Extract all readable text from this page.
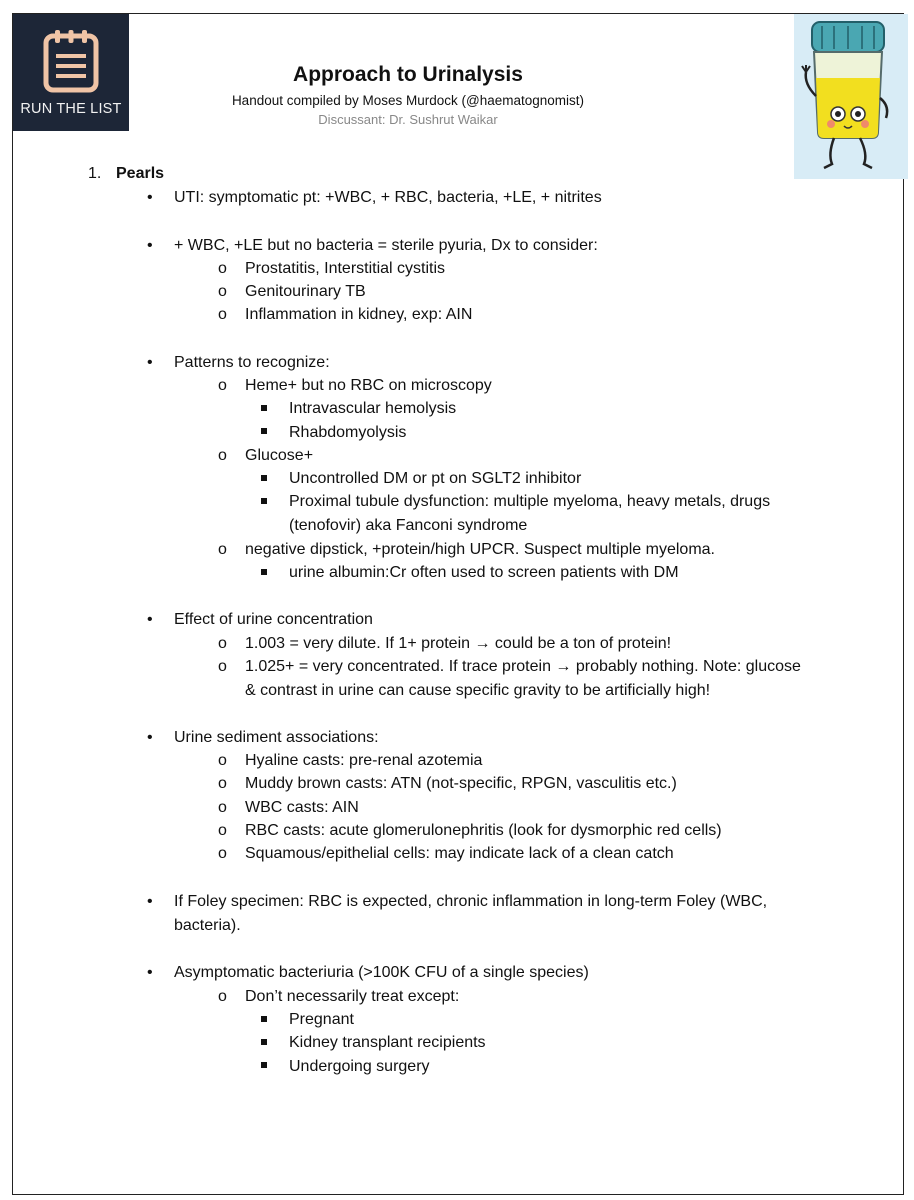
RUN THE LIST
Approach to Urinalysis
Handout compiled by Moses Murdock (@haematognomist)
Discussant: Dr. Sushrut Waikar
1. Pearls
• UTI: symptomatic pt: +WBC, + RBC, bacteria, +LE, + nitrites
• + WBC, +LE but no bacteria = sterile pyuria, Dx to consider:
o Prostatitis, Interstitial cystitis
o Genitourinary TB
o Inflammation in kidney, exp: AIN
• Patterns to recognize:
o Heme+ but no RBC on microscopy
Intravascular hemolysis
Rhabdomyolysis
o Glucose+
Uncontrolled DM or pt on SGLT2 inhibitor
Proximal tubule dysfunction: multiple myeloma, heavy metals, drugs
(tenofovir) aka Fanconi syndrome
o negative dipstick, +protein/high UPCR. Suspect multiple myeloma.
urine albumin:Cr often used to screen patients with DM
• Effect of urine concentration
o 1.003 = very dilute. If 1+ protein → could be a ton of protein!
o 1.025+ = very concentrated. If trace protein → probably nothing. Note: glucose
& contrast in urine can cause specific gravity to be artificially high!
• Urine sediment associations:
o Hyaline casts: pre-renal azotemia
o Muddy brown casts: ATN (not-specific, RPGN, vasculitis etc.)
o WBC casts: AIN
o RBC casts: acute glomerulonephritis (look for dysmorphic red cells)
o Squamous/epithelial cells: may indicate lack of a clean catch
• If Foley specimen: RBC is expected, chronic inflammation in long-term Foley (WBC,
bacteria).
• Asymptomatic bacteriuria (>100K CFU of a single species)
o Don’t necessarily treat except:
Pregnant
Kidney transplant recipients
Undergoing surgery
